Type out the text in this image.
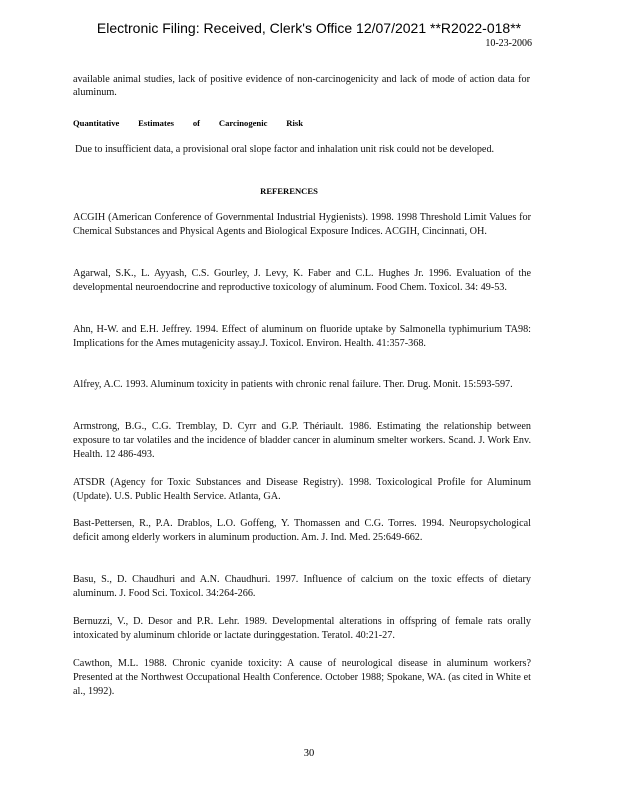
Electronic Filing: Received, Clerk's Office 12/07/2021 **R2022-018**
10-23-2006

available animal studies, lack of positive evidence of non-carcinogenicity and lack of mode of action data for aluminum.

Quantitative Estimates of Carcinogenic Risk

Due to insufficient data, a provisional oral slope factor and inhalation unit risk could not be developed.

REFERENCES

ACGIH (American Conference of Governmental Industrial Hygienists). 1998. 1998 Threshold Limit Values for Chemical Substances and Physical Agents and Biological Exposure Indices. ACGIH, Cincinnati, OH.

Agarwal, S.K., L. Ayyash, C.S. Gourley, J. Levy, K. Faber and C.L. Hughes Jr. 1996. Evaluation of the developmental neuroendocrine and reproductive toxicology of aluminum. Food Chem. Toxicol. 34: 49-53.

Ahn, H-W. and E.H. Jeffrey. 1994. Effect of aluminum on fluoride uptake by Salmonella typhimurium TA98: Implications for the Ames mutagenicity assay.J. Toxicol. Environ. Health. 41:357-368.

Alfrey, A.C. 1993. Aluminum toxicity in patients with chronic renal failure. Ther. Drug. Monit. 15:593-597.

Armstrong, B.G., C.G. Tremblay, D. Cyrr and G.P. Thériault. 1986. Estimating the relationship between exposure to tar volatiles and the incidence of bladder cancer in aluminum smelter workers. Scand. J. Work Env. Health. 12 486-493.

ATSDR (Agency for Toxic Substances and Disease Registry). 1998. Toxicological Profile for Aluminum (Update). U.S. Public Health Service. Atlanta, GA.

Bast-Pettersen, R., P.A. Drablos, L.O. Goffeng, Y. Thomassen and C.G. Torres. 1994. Neuropsychological deficit among elderly workers in aluminum production. Am. J. Ind. Med. 25:649-662.

Basu, S., D. Chaudhuri and A.N. Chaudhuri. 1997. Influence of calcium on the toxic effects of dietary aluminum. J. Food Sci. Toxicol. 34:264-266.

Bernuzzi, V., D. Desor and P.R. Lehr. 1989. Developmental alterations in offspring of female rats orally intoxicated by aluminum chloride or lactate duringgestation. Teratol. 40:21-27.

Cawthon, M.L. 1988. Chronic cyanide toxicity: A cause of neurological disease in aluminum workers? Presented at the Northwest Occupational Health Conference. October 1988; Spokane, WA. (as cited in White et al., 1992).

30
